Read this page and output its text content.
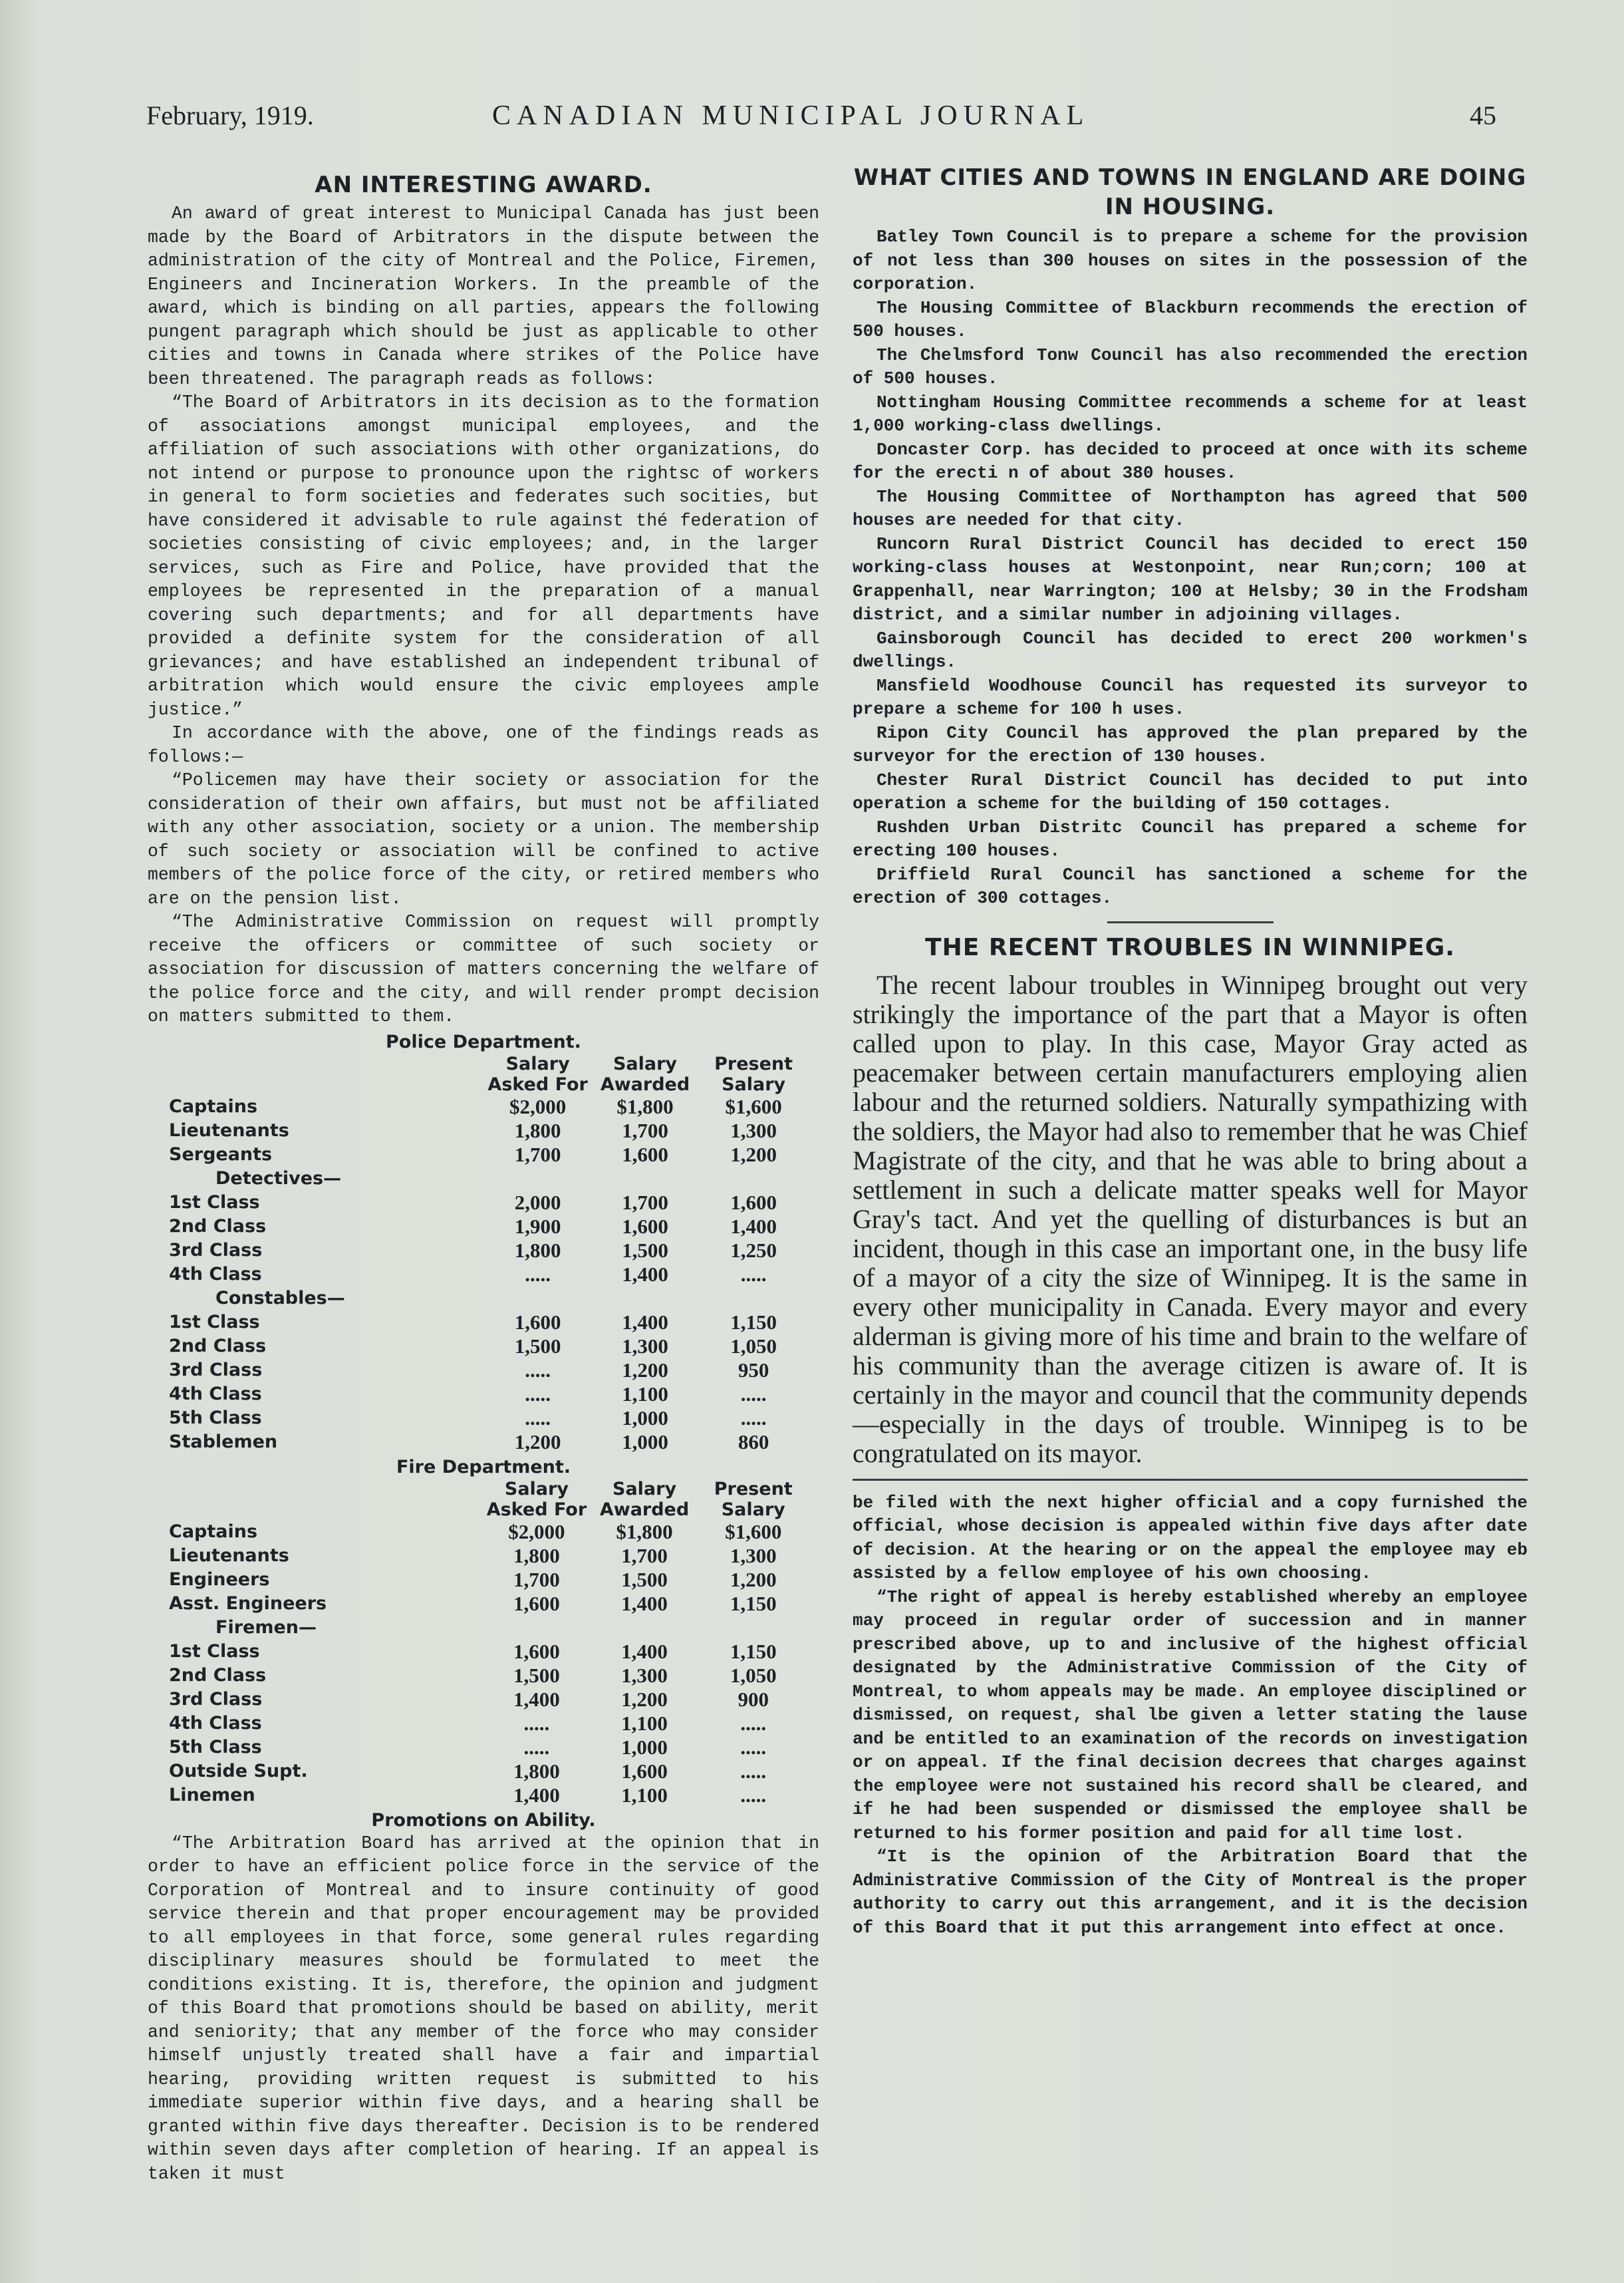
February, 1919.	CANADIAN MUNICIPAL JOURNAL	45
AN INTERESTING AWARD.

An award of great interest to Municipal Canada has just been made by the Board of Arbitrators in the dispute between the administration of the city of Montreal and the Police, Firemen, Engineers and Incineration Workers. In the preamble of the award, which is binding on all parties, appears the following pungent paragraph which should be just as applicable to other cities and towns in Canada where strikes of the Police have been threatened. The paragraph reads as follows:

“The Board of Arbitrators in its decision as to the formation of associations amongst municipal employees, and the affiliation of such associations with other organizations, do not intend or purpose to pronounce upon the rightsc of workers in general to form societies and federates such socities, but have considered it advisable to rule against thé federation of societies consisting of civic employees; and, in the larger services, such as Fire and Police, have provided that the employees be represented in the preparation of a manual covering such departments; and for all departments have provided a definite system for the consideration of all grievances; and have established an independent tribunal of arbitration which would ensure the civic employees ample justice.”

In accordance with the above, one of the findings reads as follows:—

“Policemen may have their society or association for the consideration of their own affairs, but must not be affiliated with any other association, society or a union. The membership of such society or association will be confined to active members of the police force of the city, or retired members who are on the pension list.

“The Administrative Commission on request will promptly receive the officers or committee of such society or association for discussion of matters concerning the welfare of the police force and the city, and will render prompt decision on matters submitted to them.

Police Department.
	Salary Asked For	Salary Awarded	Present Salary
Captains	$2,000	$1,800	$1,600
Lieutenants	1,800	1,700	1,300
Sergeants	1,700	1,600	1,200
Detectives—			
1st Class	2,000	1,700	1,600
2nd Class	1,900	1,600	1,400
3rd Class	1,800	1,500	1,250
4th Class	.....	1,400	.....
Constables—			
1st Class	1,600	1,400	1,150
2nd Class	1,500	1,300	1,050
3rd Class	.....	1,200	950
4th Class	.....	1,100	.....
5th Class	.....	1,000	.....
Stablemen	1,200	1,000	860
Fire Department.
	Salary Asked For	Salary Awarded	Present Salary
Captains	$2,000	$1,800	$1,600
Lieutenants	1,800	1,700	1,300
Engineers	1,700	1,500	1,200
Asst. Engineers	1,600	1,400	1,150
Firemen—			
1st Class	1,600	1,400	1,150
2nd Class	1,500	1,300	1,050
3rd Class	1,400	1,200	900
4th Class	.....	1,100	.....
5th Class	.....	1,000	.....
Outside Supt.	1,800	1,600	.....
Linemen	1,400	1,100	.....
Promotions on Ability.

“The Arbitration Board has arrived at the opinion that in order to have an efficient police force in the service of the Corporation of Montreal and to insure continuity of good service therein and that proper encouragement may be provided to all employees in that force, some general rules regarding disciplinary measures should be formulated to meet the conditions existing. It is, therefore, the opinion and judgment of this Board that promotions should be based on ability, merit and seniority; that any member of the force who may consider himself unjustly treated shall have a fair and impartial hearing, providing written request is submitted to his immediate superior within five days, and a hearing shall be granted within five days thereafter. Decision is to be rendered within seven days after completion of hearing. If an appeal is taken it must

WHAT CITIES AND TOWNS IN ENGLAND ARE DOING IN HOUSING.

Batley Town Council is to prepare a scheme for the provision of not less than 300 houses on sites in the possession of the corporation.

The Housing Committee of Blackburn recommends the erection of 500 houses.

The Chelmsford Tonw Council has also recommended the erection of 500 houses.

Nottingham Housing Committee recommends a scheme for at least 1,000 working-class dwellings.

Doncaster Corp. has decided to proceed at once with its scheme for the erecti n of about 380 houses.

The Housing Committee of Northampton has agreed that 500 houses are needed for that city.

Runcorn Rural District Council has decided to erect 150 working-class houses at Westonpoint, near Run;corn; 100 at Grappenhall, near Warrington; 100 at Helsby; 30 in the Frodsham district, and a similar number in adjoining villages.

Gainsborough Council has decided to erect 200 workmen's dwellings.

Mansfield Woodhouse Council has requested its surveyor to prepare a scheme for 100 h uses.

Ripon City Council has approved the plan prepared by the surveyor for the erection of 130 houses.

Chester Rural District Council has decided to put into operation a scheme for the building of 150 cottages.

Rushden Urban Distritc Council has prepared a scheme for erecting 100 houses.

Driffield Rural Council has sanctioned a scheme for the erection of 300 cottages.

THE RECENT TROUBLES IN WINNIPEG.

The recent labour troubles in Winnipeg brought out very strikingly the importance of the part that a Mayor is often called upon to play. In this case, Mayor Gray acted as peacemaker between certain manufacturers employing alien labour and the returned soldiers. Naturally sympathizing with the soldiers, the Mayor had also to remember that he was Chief Magistrate of the city, and that he was able to bring about a settlement in such a delicate matter speaks well for Mayor Gray's tact. And yet the quelling of disturbances is but an incident, though in this case an important one, in the busy life of a mayor of a city the size of Winnipeg. It is the same in every other municipality in Canada. Every mayor and every alderman is giving more of his time and brain to the welfare of his community than the average citizen is aware of. It is certainly in the mayor and council that the community depends—especially in the days of trouble. Winnipeg is to be congratulated on its mayor.

be filed with the next higher official and a copy furnished the official, whose decision is appealed within five days after date of decision. At the hearing or on the appeal the employee may eb assisted by a fellow employee of his own choosing.

“The right of appeal is hereby established whereby an employee may proceed in regular order of succession and in manner prescribed above, up to and inclusive of the highest official designated by the Administrative Commission of the City of Montreal, to whom appeals may be made. An employee disciplined or dismissed, on request, shal lbe given a letter stating the lause and be entitled to an examination of the records on investigation or on appeal. If the final decision decrees that charges against the employee were not sustained his record shall be cleared, and if he had been suspended or dismissed the employee shall be returned to his former position and paid for all time lost.

“It is the opinion of the Arbitration Board that the Administrative Commission of the City of Montreal is the proper authority to carry out this arrangement, and it is the decision of this Board that it put this arrangement into effect at once.
